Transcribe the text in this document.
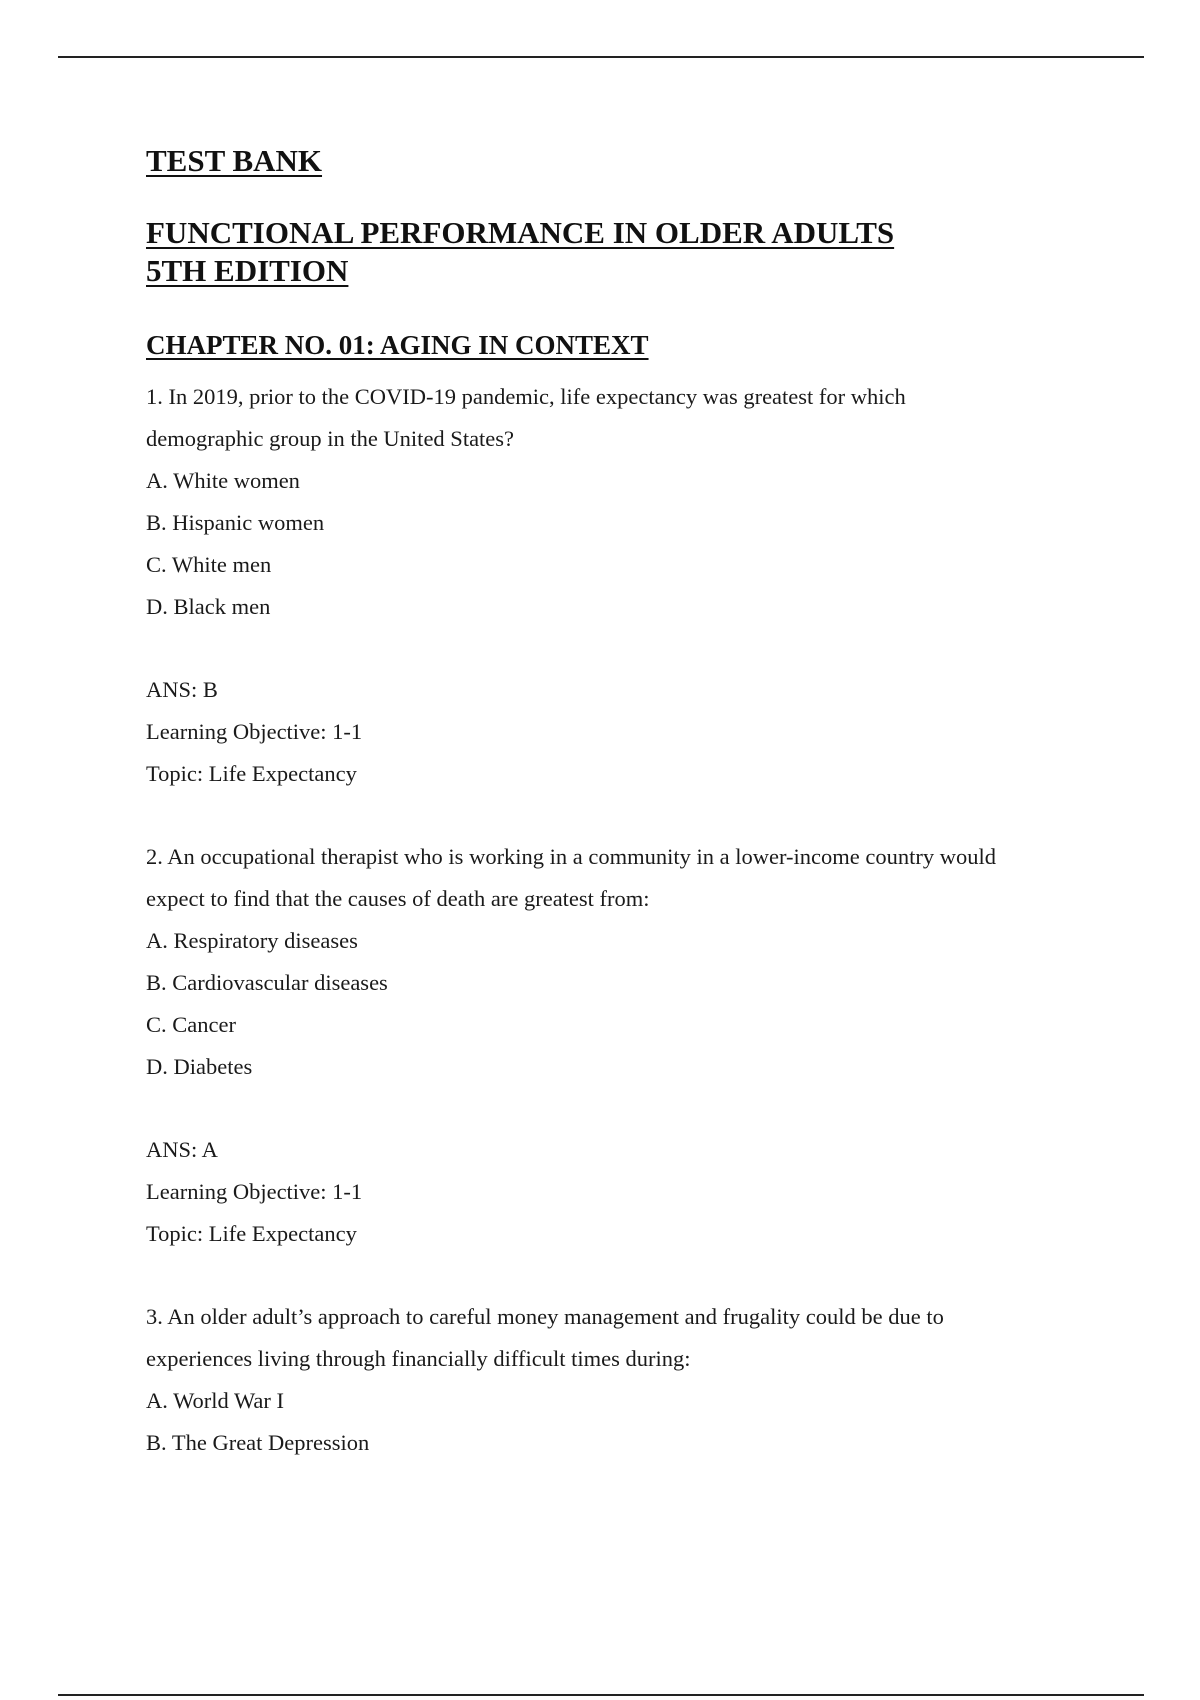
TEST BANK
FUNCTIONAL PERFORMANCE IN OLDER ADULTS
5TH EDITION
CHAPTER NO. 01: AGING IN CONTEXT
1. In 2019, prior to the COVID-19 pandemic, life expectancy was greatest for which
demographic group in the United States?
A. White women
B. Hispanic women
C. White men
D. Black men
ANS: B
Learning Objective: 1-1
Topic: Life Expectancy
2. An occupational therapist who is working in a community in a lower-income country would
expect to find that the causes of death are greatest from:
A. Respiratory diseases
B. Cardiovascular diseases
C. Cancer
D. Diabetes
ANS: A
Learning Objective: 1-1
Topic: Life Expectancy
3. An older adult’s approach to careful money management and frugality could be due to
experiences living through financially difficult times during:
A. World War I
B. The Great Depression
